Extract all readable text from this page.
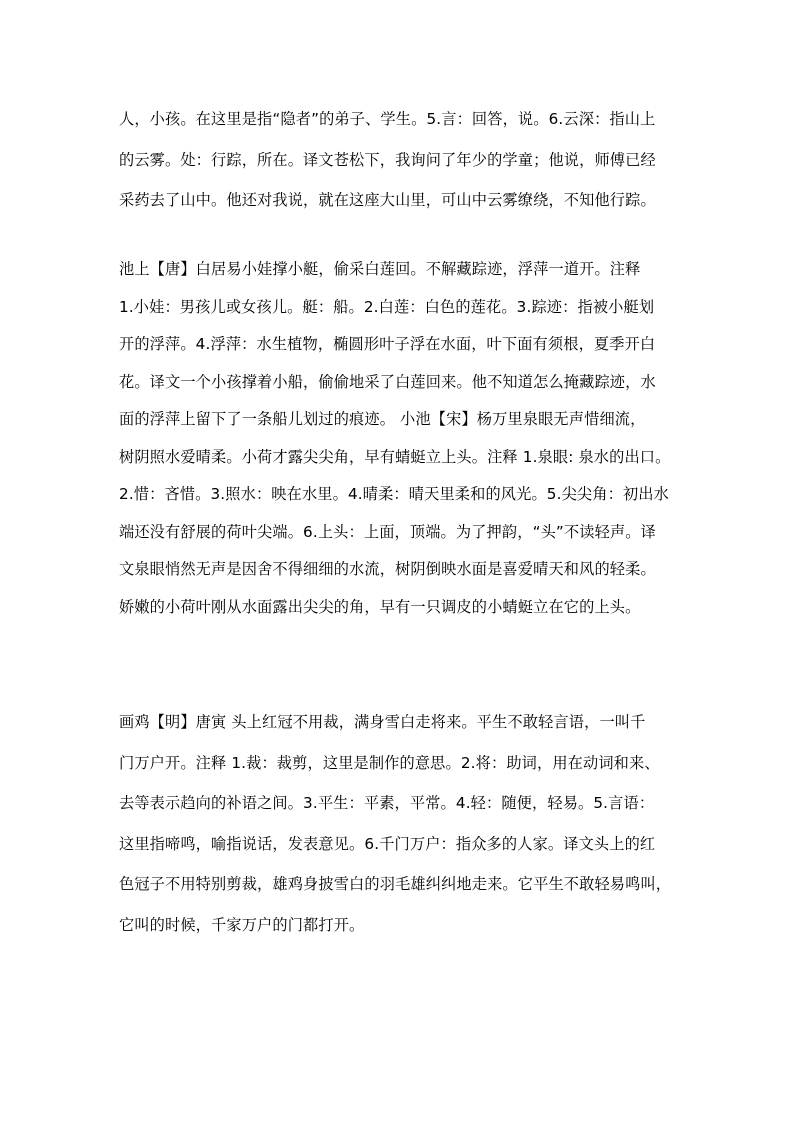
人，小孩。在这里是指“隐者”的弟子、学生。5.言：回答，说。6.云深：指山上
的云雾。处：行踪，所在。译文苍松下，我询问了年少的学童；他说，师傅已经
采药去了山中。他还对我说，就在这座大山里，可山中云雾缭绕，不知他行踪。

池上【唐】白居易小娃撑小艇，偷采白莲回。不解藏踪迹，浮萍一道开。注释
1.小娃：男孩儿或女孩儿。艇：船。2.白莲：白色的莲花。3.踪迹：指被小艇划
开的浮萍。4.浮萍：水生植物，椭圆形叶子浮在水面，叶下面有须根，夏季开白
花。译文一个小孩撑着小船，偷偷地采了白莲回来。他不知道怎么掩藏踪迹，水
面的浮萍上留下了一条船儿划过的痕迹。 小池【宋】杨万里泉眼无声惜细流，
树阴照水爱晴柔。小荷才露尖尖角，早有蜻蜓立上头。注释 1.泉眼: 泉水的出口。
2.惜：吝惜。3.照水：映在水里。4.晴柔：晴天里柔和的风光。5.尖尖角：初出水
端还没有舒展的荷叶尖端。6.上头：上面，顶端。为了押韵，“头”不读轻声。译
文泉眼悄然无声是因舍不得细细的水流，树阴倒映水面是喜爱晴天和风的轻柔。
娇嫩的小荷叶刚从水面露出尖尖的角，早有一只调皮的小蜻蜓立在它的上头。

画鸡【明】唐寅 头上红冠不用裁，满身雪白走将来。平生不敢轻言语，一叫千
门万户开。注释 1.裁：裁剪，这里是制作的意思。2.将：助词，用在动词和来、
去等表示趋向的补语之间。3.平生：平素，平常。4.轻：随便，轻易。5.言语：
这里指啼鸣，喻指说话，发表意见。6.千门万户：指众多的人家。译文头上的红
色冠子不用特别剪裁，雄鸡身披雪白的羽毛雄纠纠地走来。它平生不敢轻易鸣叫，
它叫的时候，千家万户的门都打开。
